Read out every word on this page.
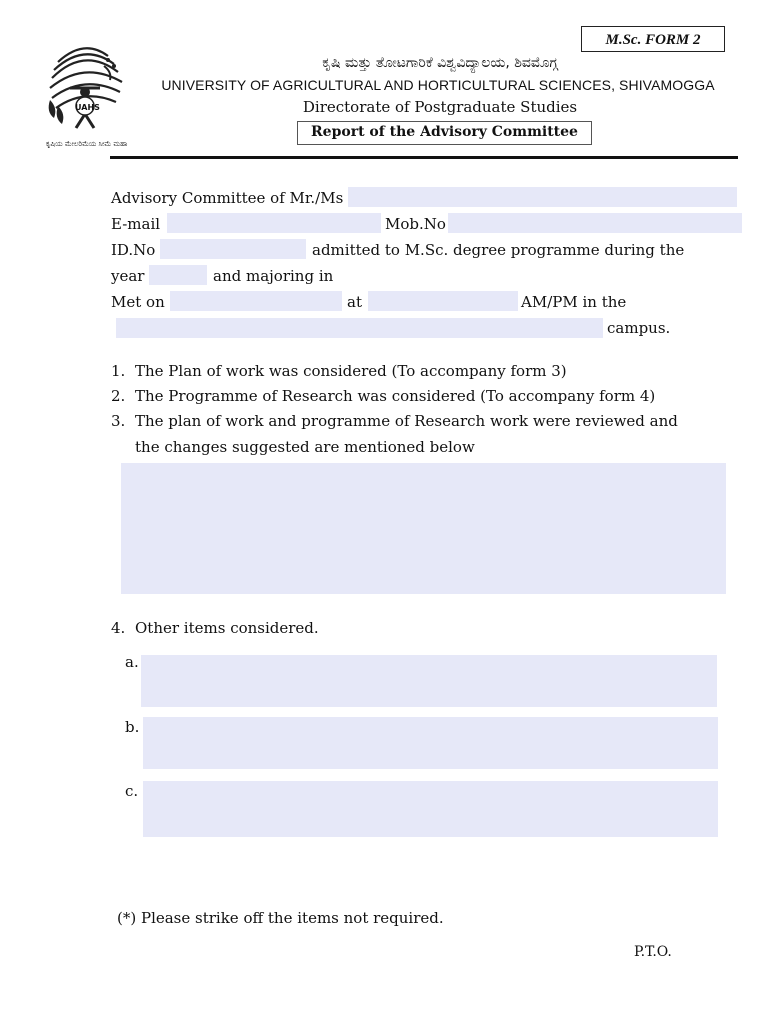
M.Sc. FORM 2
UAHS
ಕೃಷಿಯ ಮೇಲರಿಮೆಯ ಸೀಮೆ ಮಹಾ
ಕೃಷಿ ಮತ್ತು ತೋಟಗಾರಿಕೆ ವಿಶ್ವವಿದ್ಯಾಲಯ, ಶಿವಮೊಗ್ಗ
UNIVERSITY OF AGRICULTURAL AND HORTICULTURAL SCIENCES, SHIVAMOGGA
Directorate of Postgraduate Studies
Report of the Advisory Committee
Advisory Committee of Mr./Ms
E-mail	Mob.No
ID.No	admitted to M.Sc. degree programme during the
year	and majoring in
Met on	at	AM/PM in the
campus.
1. The Plan of work was considered (To accompany form 3)
2. The Programme of Research was considered (To accompany form 4)
3. The plan of work and programme of Research work were reviewed and
the changes suggested are mentioned below
4. Other items considered.
a.
b.
c.
(*) Please strike off the items not required.
P.T.O.
